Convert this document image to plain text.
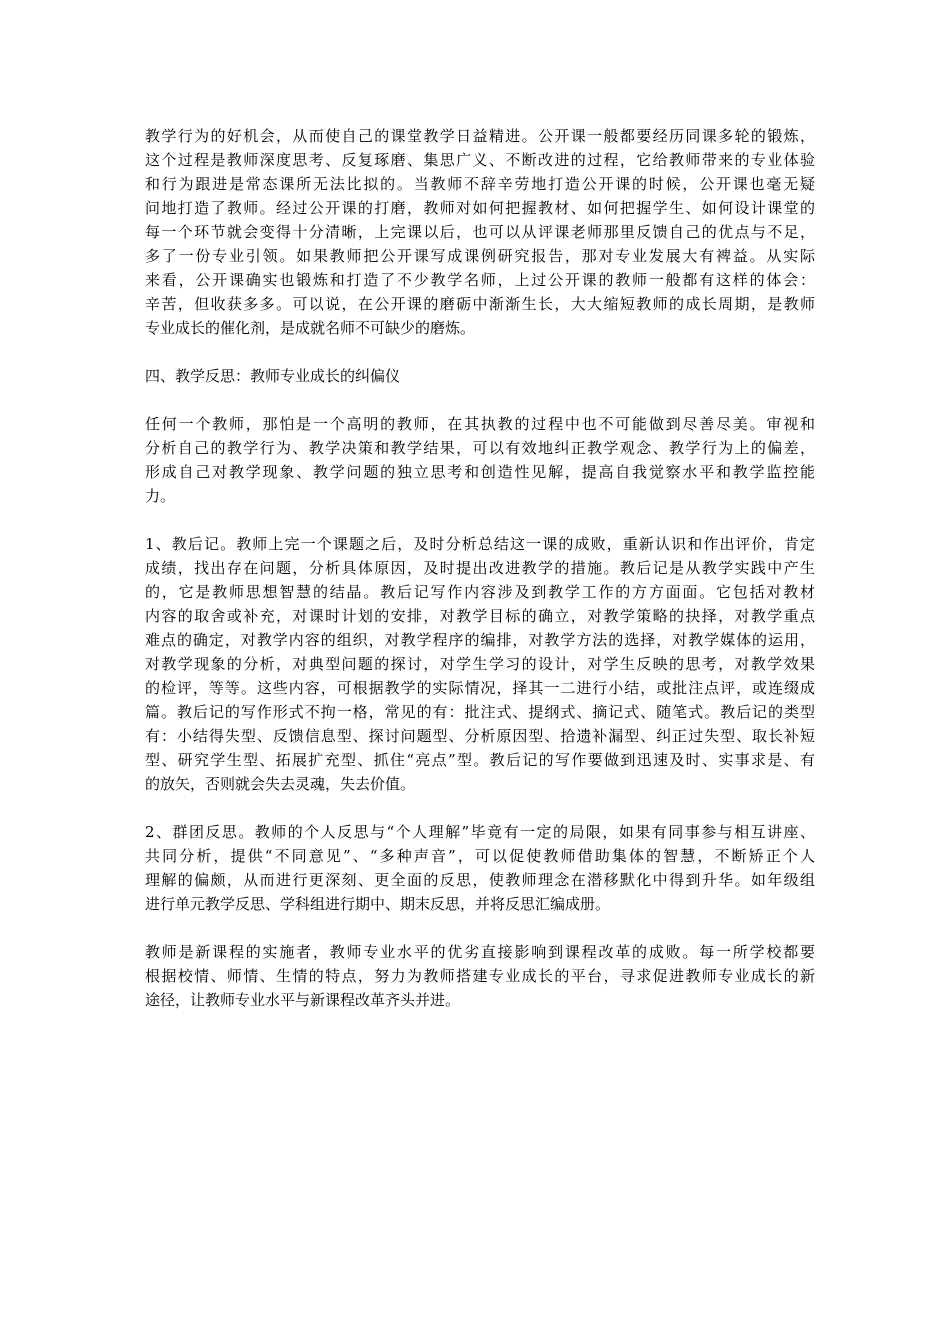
教学行为的好机会，从而使自己的课堂教学日益精进。公开课一般都要经历同课多轮的锻炼，
这个过程是教师深度思考、反复琢磨、集思广义、不断改进的过程，它给教师带来的专业体验
和行为跟进是常态课所无法比拟的。当教师不辞辛劳地打造公开课的时候，公开课也毫无疑
问地打造了教师。经过公开课的打磨，教师对如何把握教材、如何把握学生、如何设计课堂的
每一个环节就会变得十分清晰，上完课以后，也可以从评课老师那里反馈自己的优点与不足，
多了一份专业引领。如果教师把公开课写成课例研究报告，那对专业发展大有裨益。从实际
来看，公开课确实也锻炼和打造了不少教学名师，上过公开课的教师一般都有这样的体会：
辛苦，但收获多多。可以说，在公开课的磨砺中渐渐生长，大大缩短教师的成长周期，是教师
专业成长的催化剂，是成就名师不可缺少的磨炼。
四、教学反思：教师专业成长的纠偏仪
任何一个教师，那怕是一个高明的教师，在其执教的过程中也不可能做到尽善尽美。审视和
分析自己的教学行为、教学决策和教学结果，可以有效地纠正教学观念、教学行为上的偏差，
形成自己对教学现象、教学问题的独立思考和创造性见解，提高自我觉察水平和教学监控能
力。
1、教后记。教师上完一个课题之后，及时分析总结这一课的成败，重新认识和作出评价，肯定
成绩，找出存在问题，分析具体原因，及时提出改进教学的措施。教后记是从教学实践中产生
的，它是教师思想智慧的结晶。教后记写作内容涉及到教学工作的方方面面。它包括对教材
内容的取舍或补充，对课时计划的安排，对教学目标的确立，对教学策略的抉择，对教学重点
难点的确定，对教学内容的组织，对教学程序的编排，对教学方法的选择，对教学媒体的运用，
对教学现象的分析，对典型问题的探讨，对学生学习的设计，对学生反映的思考，对教学效果
的检评，等等。这些内容，可根据教学的实际情况，择其一二进行小结，或批注点评，或连缀成
篇。教后记的写作形式不拘一格，常见的有：批注式、提纲式、摘记式、随笔式。教后记的类型
有：小结得失型、反馈信息型、探讨问题型、分析原因型、拾遗补漏型、纠正过失型、取长补短
型、研究学生型、拓展扩充型、抓住“亮点”型。教后记的写作要做到迅速及时、实事求是、有
的放矢，否则就会失去灵魂，失去价值。
2、群团反思。教师的个人反思与“个人理解”毕竟有一定的局限，如果有同事参与相互讲座、
共同分析，提供“不同意见”、“多种声音”，可以促使教师借助集体的智慧，不断矫正个人
理解的偏颇，从而进行更深刻、更全面的反思，使教师理念在潜移默化中得到升华。如年级组
进行单元教学反思、学科组进行期中、期末反思，并将反思汇编成册。
教师是新课程的实施者，教师专业水平的优劣直接影响到课程改革的成败。每一所学校都要
根据校情、师情、生情的特点，努力为教师搭建专业成长的平台，寻求促进教师专业成长的新
途径，让教师专业水平与新课程改革齐头并进。
